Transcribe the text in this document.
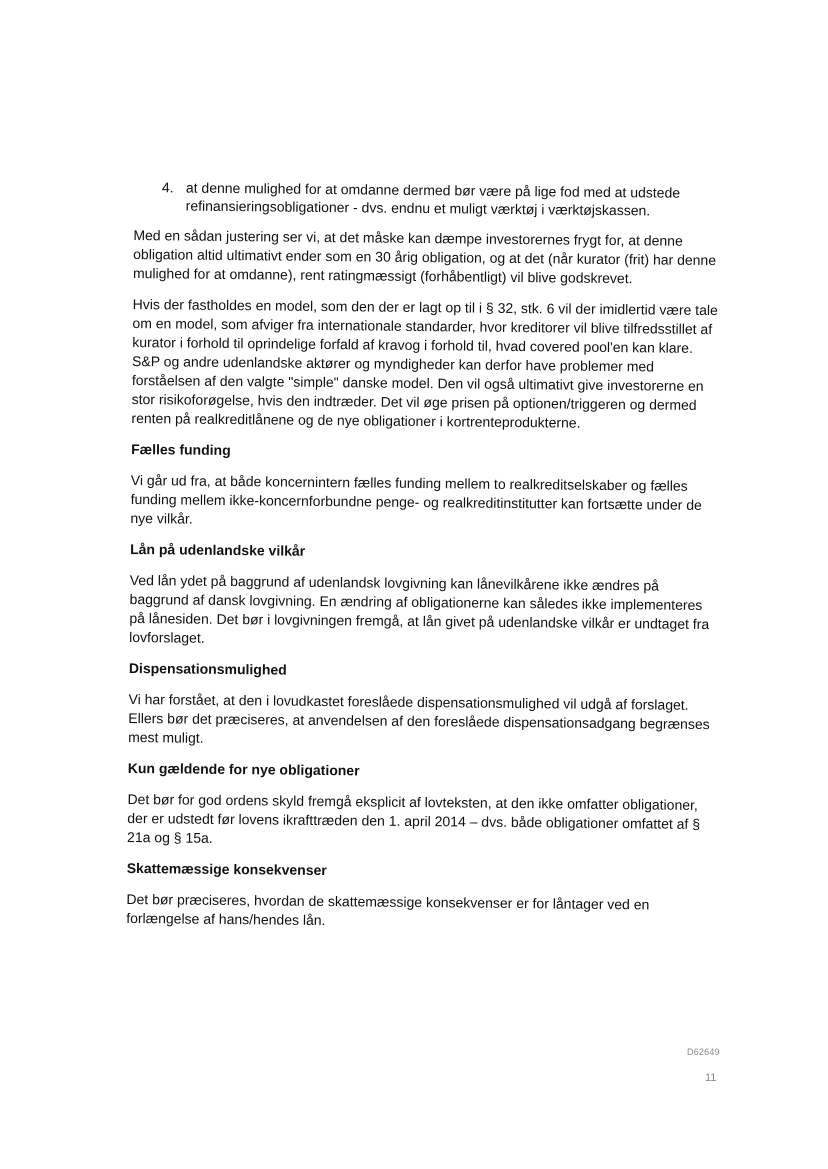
4. at denne mulighed for at omdanne dermed bør være på lige fod med at udstede refinansieringsobligationer - dvs. endnu et muligt værktøj i værktøjskassen.

Med en sådan justering ser vi, at det måske kan dæmpe investorernes frygt for, at denne obligation altid ultimativt ender som en 30 årig obligation, og at det (når kurator (frit) har denne mulighed for at omdanne), rent ratingmæssigt (forhåbentligt) vil blive godskrevet.

Hvis der fastholdes en model, som den der er lagt op til i § 32, stk. 6 vil der imidlertid være tale om en model, som afviger fra internationale standarder, hvor kreditorer vil blive tilfredsstillet af kurator i forhold til oprindelige forfald af kravog i forhold til, hvad covered pool'en kan klare. S&P og andre udenlandske aktører og myndigheder kan derfor have problemer med forståelsen af den valgte "simple" danske model. Den vil også ultimativt give investorerne en stor risikoforøgelse, hvis den indtræder. Det vil øge prisen på optionen/triggeren og dermed renten på realkreditlånene og de nye obligationer i kortrenteprodukterne.

Fælles funding

Vi går ud fra, at både koncernintern fælles funding mellem to realkreditselskaber og fælles funding mellem ikke-koncernforbundne penge- og realkreditinstitutter kan fortsætte under de nye vilkår.

Lån på udenlandske vilkår

Ved lån ydet på baggrund af udenlandsk lovgivning kan lånevilkårene ikke ændres på baggrund af dansk lovgivning. En ændring af obligationerne kan således ikke implementeres på lånesiden. Det bør i lovgivningen fremgå, at lån givet på udenlandske vilkår er undtaget fra lovforslaget.

Dispensationsmulighed

Vi har forstået, at den i lovudkastet foreslåede dispensationsmulighed vil udgå af forslaget. Ellers bør det præciseres, at anvendelsen af den foreslåede dispensationsadgang begrænses mest muligt.

Kun gældende for nye obligationer

Det bør for god ordens skyld fremgå eksplicit af lovteksten, at den ikke omfatter obligationer, der er udstedt før lovens ikrafttræden den 1. april 2014 – dvs. både obligationer omfattet af § 21a og § 15a.

Skattemæssige konsekvenser

Det bør præciseres, hvordan de skattemæssige konsekvenser er for låntager ved en forlængelse af hans/hendes lån.

D62649
11
